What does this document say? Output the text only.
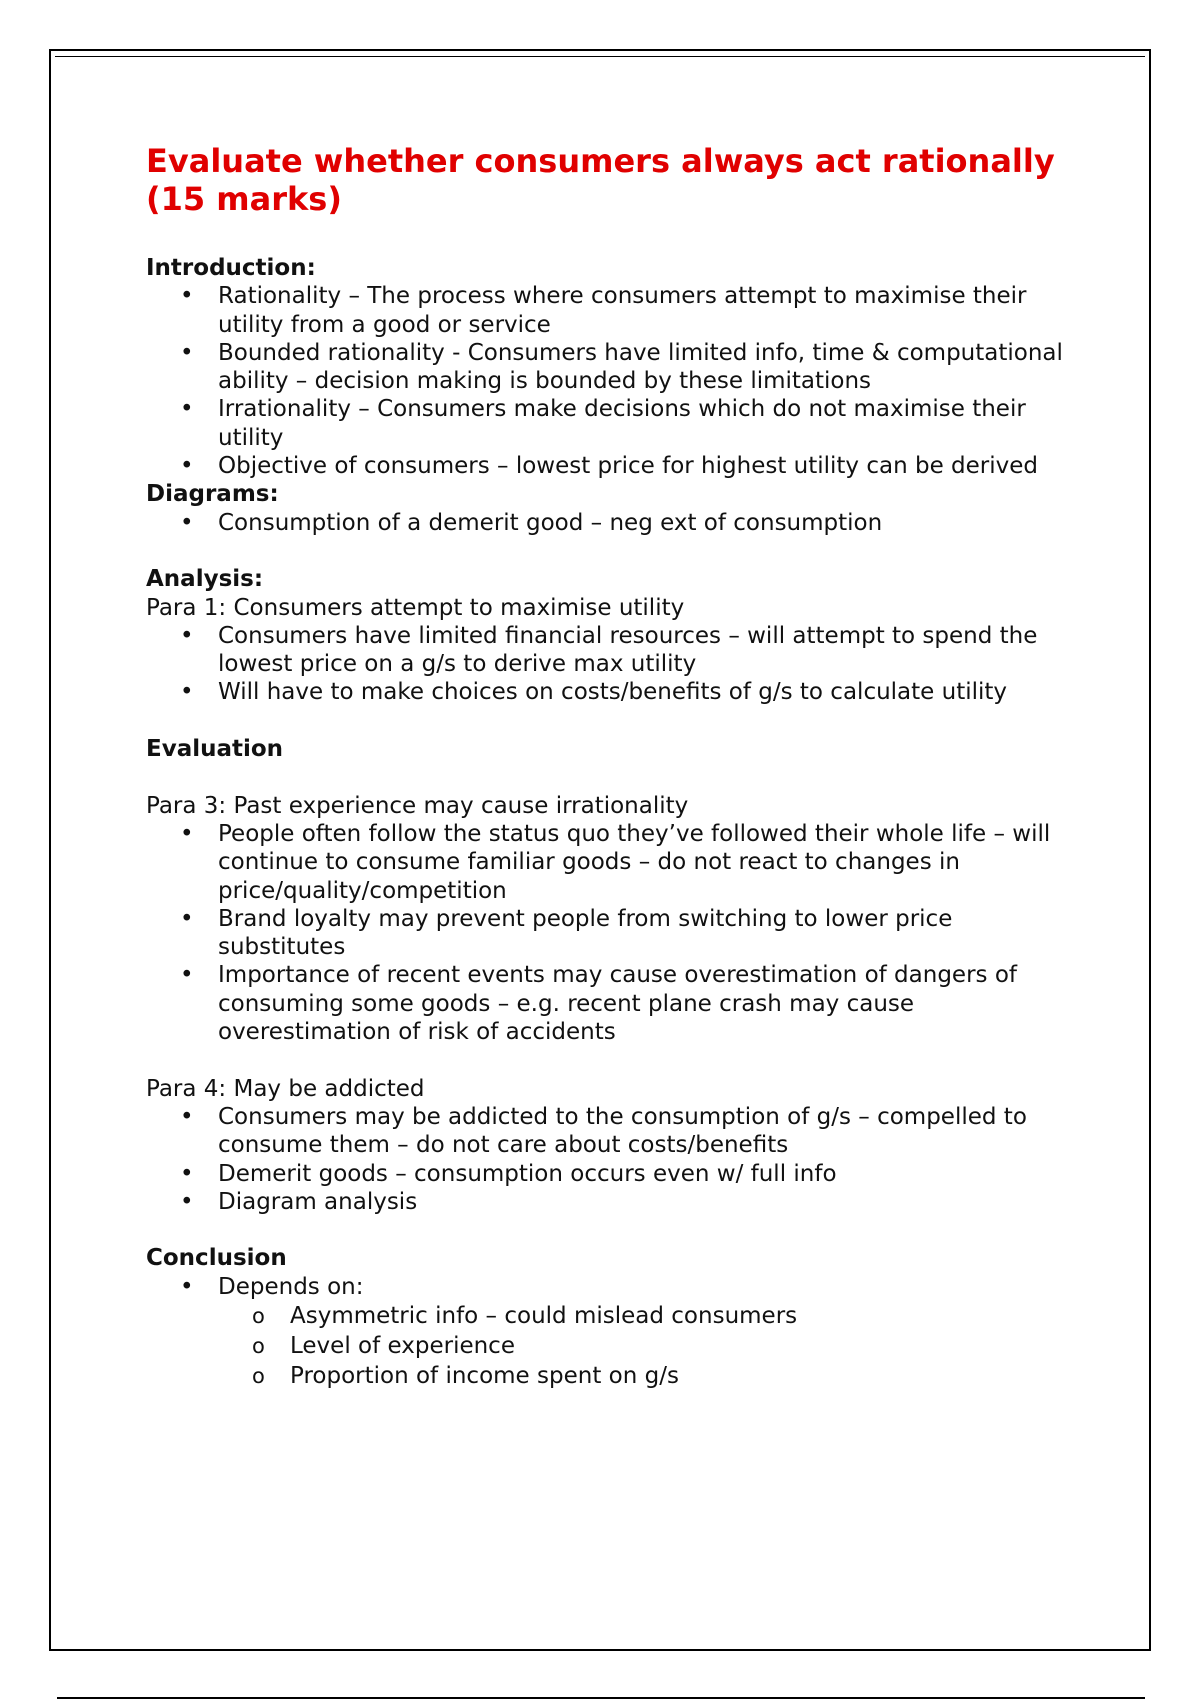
Evaluate whether consumers always act rationally (15 marks)

Introduction:

• Rationality – The process where consumers attempt to maximise their utility from a good or service
• Bounded rationality - Consumers have limited info, time & computational ability – decision making is bounded by these limitations
• Irrationality – Consumers make decisions which do not maximise their utility
• Objective of consumers – lowest price for highest utility can be derived

Diagrams:

• Consumption of a demerit good – neg ext of consumption

Analysis:

Para 1: Consumers attempt to maximise utility

• Consumers have limited financial resources – will attempt to spend the lowest price on a g/s to derive max utility
• Will have to make choices on costs/benefits of g/s to calculate utility

Evaluation

Para 3: Past experience may cause irrationality

• People often follow the status quo they’ve followed their whole life – will continue to consume familiar goods – do not react to changes in price/quality/competition
• Brand loyalty may prevent people from switching to lower price substitutes
• Importance of recent events may cause overestimation of dangers of consuming some goods – e.g. recent plane crash may cause overestimation of risk of accidents

Para 4: May be addicted

• Consumers may be addicted to the consumption of g/s – compelled to consume them – do not care about costs/benefits
• Demerit goods – consumption occurs even w/ full info
• Diagram analysis

Conclusion

• Depends on:
o Asymmetric info – could mislead consumers
o Level of experience
o Proportion of income spent on g/s
